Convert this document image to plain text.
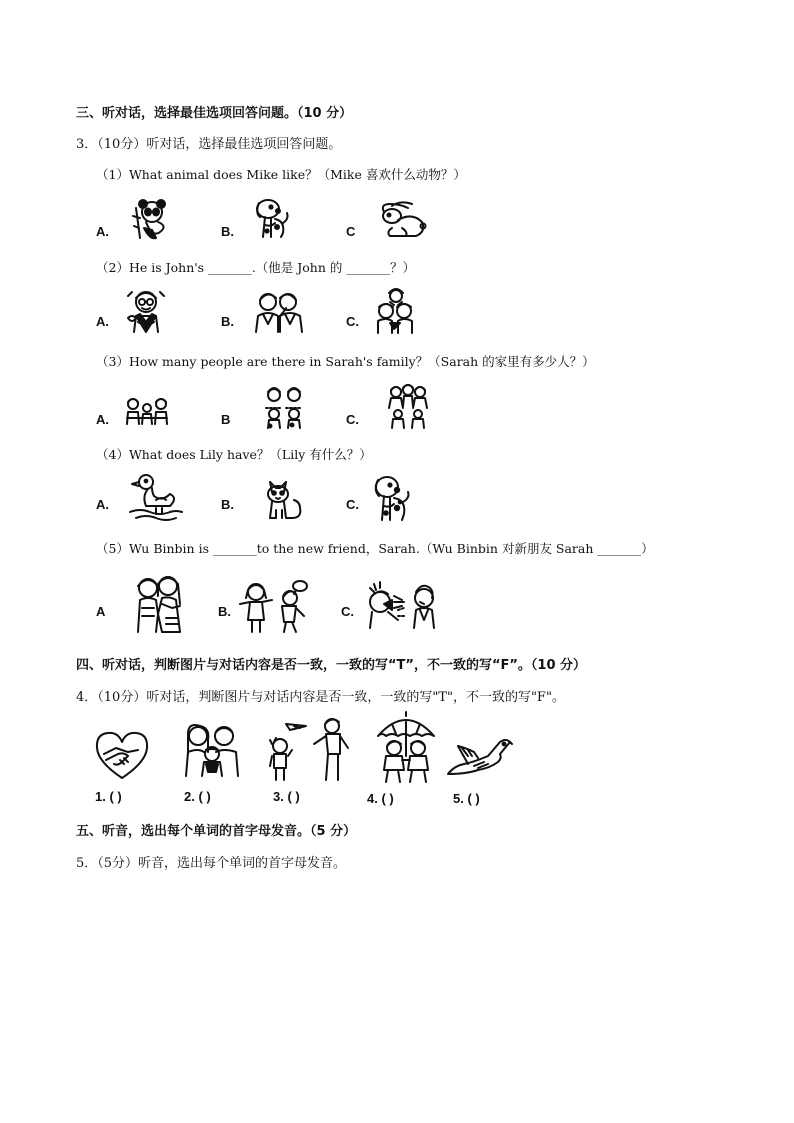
三、听对话，选择最佳选项回答问题。（10 分）
3．（10分）听对话，选择最佳选项回答问题。
（1）What animal does Mike like？（Mike 喜欢什么动物？）
A.	B.	C
（2）He is John's _______.（他是 John 的 _______？）
A.	B.	C.
（3）How many people are there in Sarah's family？（Sarah 的家里有多少人？）
A.	B	C.
（4）What does Lily have？（Lily 有什么？）
A.	B.	C.
（5）Wu Binbin is _______to the new friend，Sarah.（Wu Binbin 对新朋友 Sarah _______）
A	B.	C.
四、听对话，判断图片与对话内容是否一致，一致的写“T”，不一致的写“F”。（10 分）
4．（10分）听对话，判断图片与对话内容是否一致，一致的写"T"，不一致的写"F"。
1. ( )	2. ( )	3. ( )	4. ( )	5. ( )
五、听音，选出每个单词的首字母发音。（5 分）
5．（5分）听音，选出每个单词的首字母发音。
